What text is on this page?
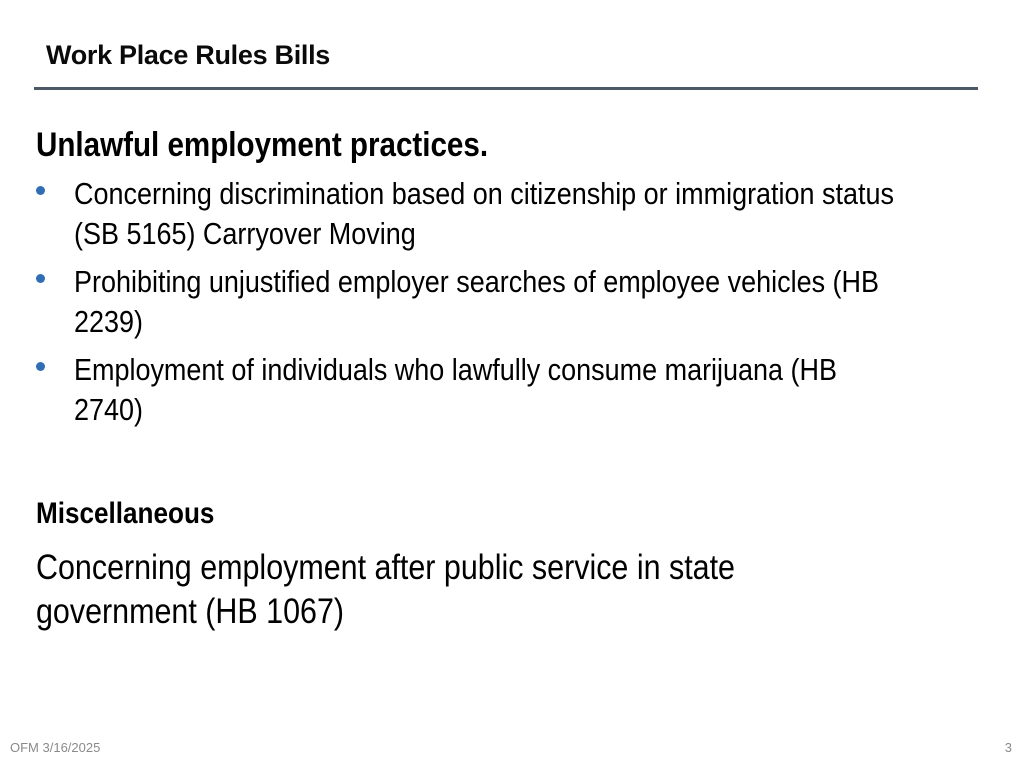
Work Place Rules Bills
Unlawful employment practices.
Concerning discrimination based on citizenship or immigration status (SB 5165) Carryover Moving
Prohibiting unjustified employer searches of employee vehicles (HB 2239)
Employment of individuals who lawfully consume marijuana (HB 2740)
Miscellaneous
Concerning employment after public service in state government (HB 1067)
OFM 3/16/2025	3
